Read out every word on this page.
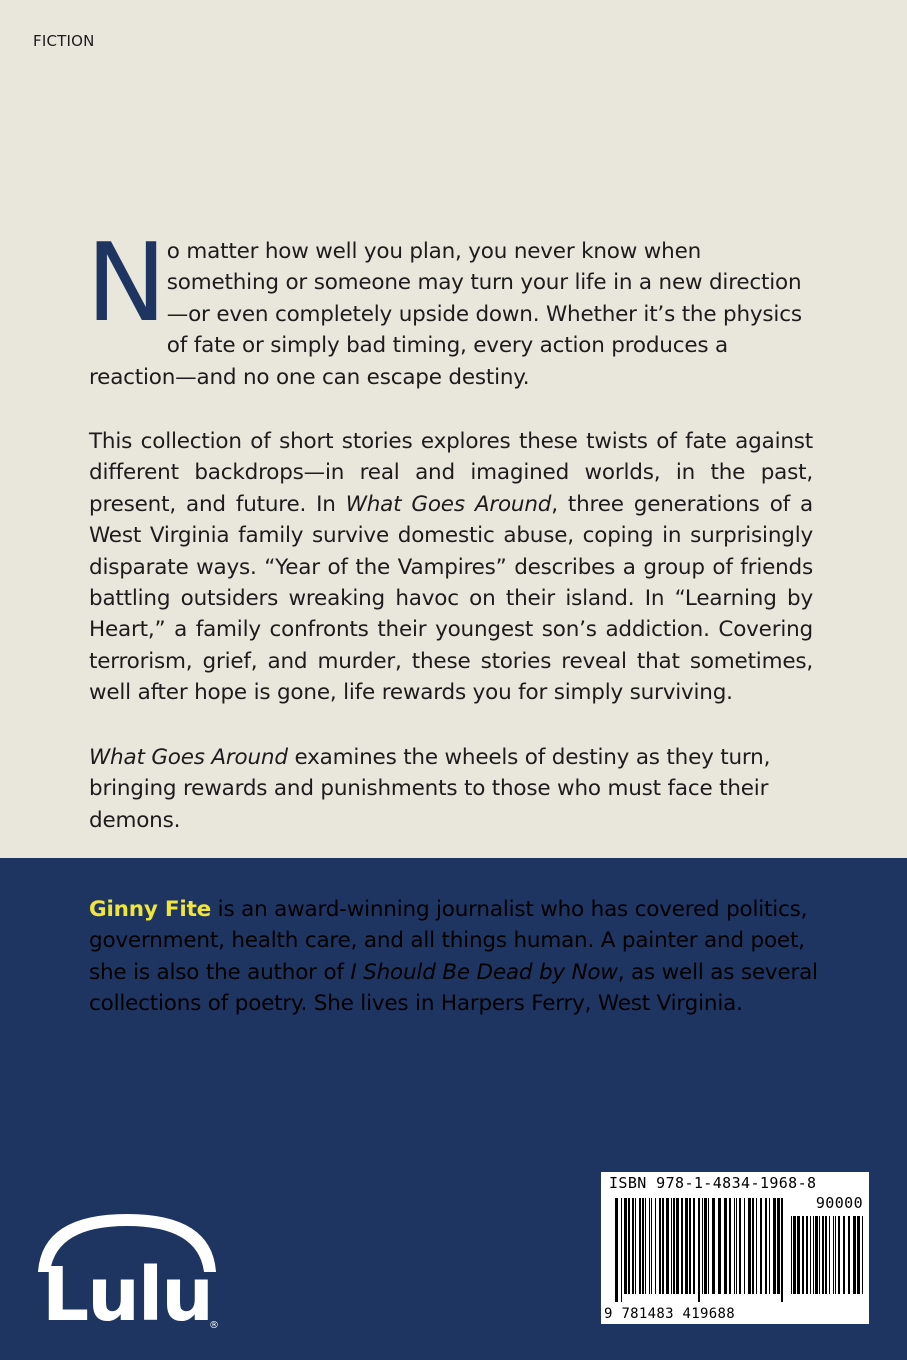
FICTION
No matter how well you plan, you never know when something or someone may turn your life in a new direction—or even completely upside down. Whether it’s the physics of fate or simply bad timing, every action produces a reaction—and no one can escape destiny.
This collection of short stories explores these twists of fate against different backdrops—in real and imagined worlds, in the past, present, and future. In What Goes Around, three generations of a West Virginia family survive domestic abuse, coping in surprisingly disparate ways. “Year of the Vampires” describes a group of friends battling outsiders wreaking havoc on their island. In “Learning by Heart,” a family confronts their youngest son’s addiction. Covering terrorism, grief, and murder, these stories reveal that sometimes, well after hope is gone, life rewards you for simply surviving.
What Goes Around examines the wheels of destiny as they turn, bringing rewards and punishments to those who must face their demons.
Ginny Fite is an award-winning journalist who has covered politics, government, health care, and all things human. A painter and poet, she is also the author of I Should Be Dead by Now, as well as several collections of poetry. She lives in Harpers Ferry, West Virginia.
Lulu
®
ISBN 978-1-4834-1968-8
90000
9 781483 419688
